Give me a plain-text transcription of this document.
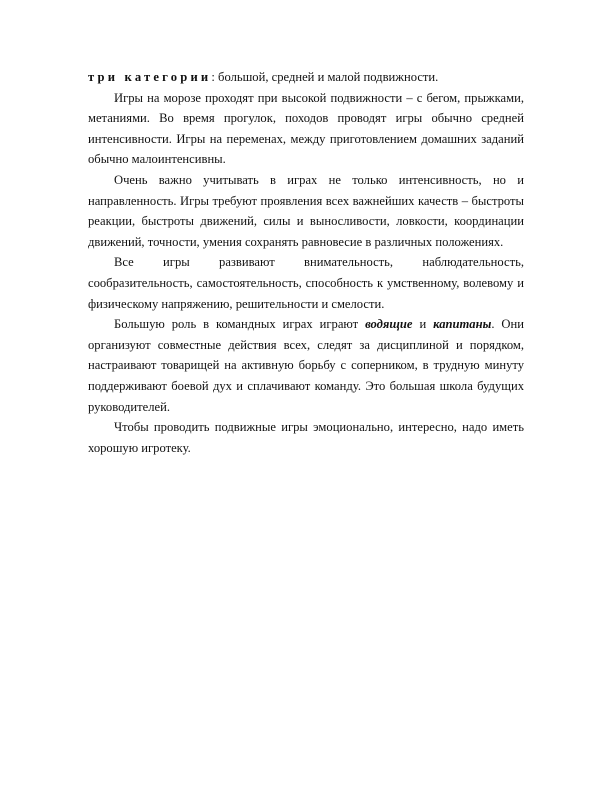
три категории: большой, средней и малой подвижности.

Игры на морозе проходят при высокой подвижности – с бегом, прыжками, метаниями. Во время прогулок, походов проводят игры обычно средней интенсивности. Игры на переменах, между приготовлением домашних заданий обычно малоинтенсивны.

Очень важно учитывать в играх не только интенсивность, но и направленность. Игры требуют проявления всех важнейших качеств – быстроты реакции, быстроты движений, силы и выносливости, ловкости, координации движений, точности, умения сохранять равновесие в различных положениях.

Все игры развивают внимательность, наблюдательность, сообразительность, самостоятельность, способность к умственному, волевому и физическому напряжению, решительности и смелости.

Большую роль в командных играх играют водящие и капитаны. Они организуют совместные действия всех, следят за дисциплиной и порядком, настраивают товарищей на активную борьбу с соперником, в трудную минуту поддерживают боевой дух и сплачивают команду. Это большая школа будущих руководителей.

Чтобы проводить подвижные игры эмоционально, интересно, надо иметь хорошую игротеку.
